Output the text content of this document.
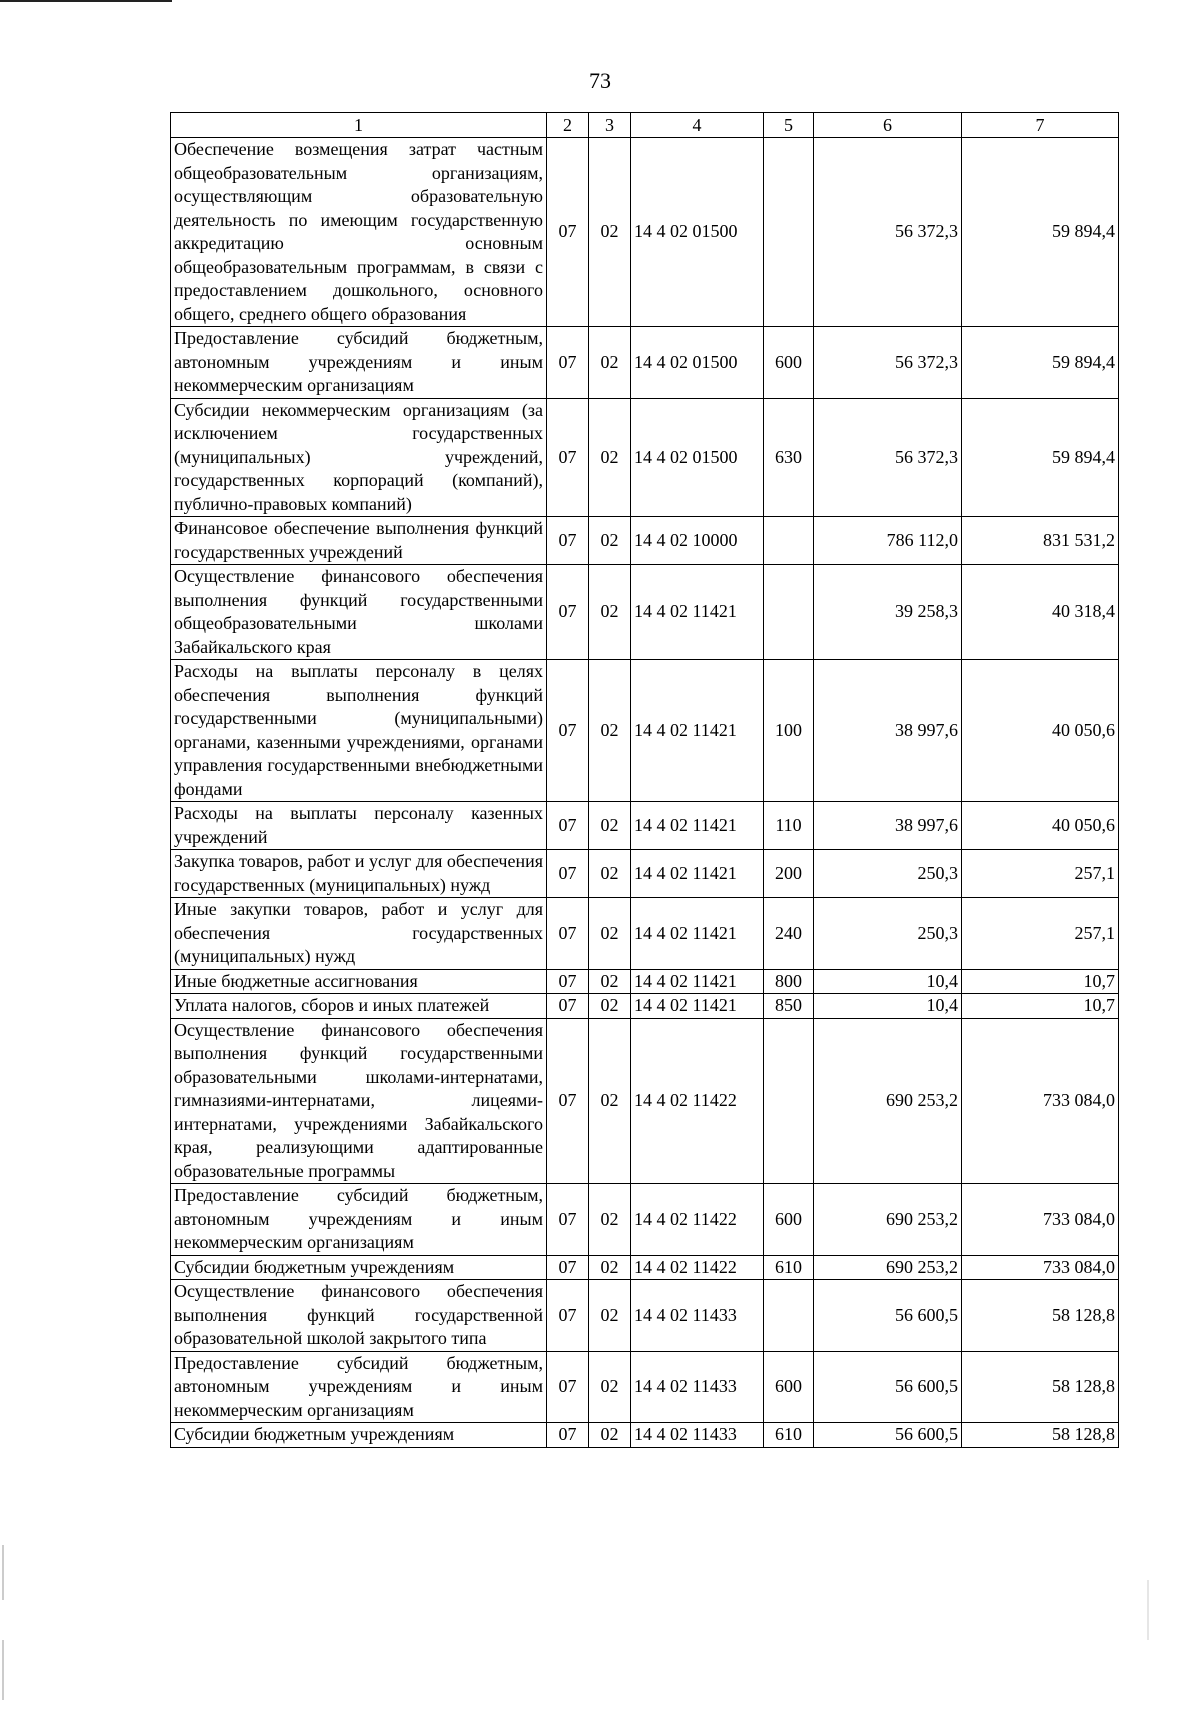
73
1	2	3	4	5	6	7
Обеспечение возмещения затрат частным общеобразовательным организациям, осуществляющим образовательную деятельность по имеющим государственную аккредитацию основным общеобразовательным программам, в связи с предоставлением дошкольного, основного общего, среднего общего образования	07	02	14 4 02 01500		56 372,3	59 894,4
Предоставление субсидий бюджетным, автономным учреждениям и иным некоммерческим организациям	07	02	14 4 02 01500	600	56 372,3	59 894,4
Субсидии некоммерческим организациям (за исключением государственных (муниципальных) учреждений, государственных корпораций (компаний), публично-правовых компаний)	07	02	14 4 02 01500	630	56 372,3	59 894,4
Финансовое обеспечение выполнения функций государственных учреждений	07	02	14 4 02 10000		786 112,0	831 531,2
Осуществление финансового обеспечения выполнения функций государственными общеобразовательными школами Забайкальского края	07	02	14 4 02 11421		39 258,3	40 318,4
Расходы на выплаты персоналу в целях обеспечения выполнения функций государственными (муниципальными) органами, казенными учреждениями, органами управления государственными внебюджетными фондами	07	02	14 4 02 11421	100	38 997,6	40 050,6
Расходы на выплаты персоналу казенных учреждений	07	02	14 4 02 11421	110	38 997,6	40 050,6
Закупка товаров, работ и услуг для обеспечения государственных (муниципальных) нужд	07	02	14 4 02 11421	200	250,3	257,1
Иные закупки товаров, работ и услуг для обеспечения государственных (муниципальных) нужд	07	02	14 4 02 11421	240	250,3	257,1
Иные бюджетные ассигнования	07	02	14 4 02 11421	800	10,4	10,7
Уплата налогов, сборов и иных платежей	07	02	14 4 02 11421	850	10,4	10,7
Осуществление финансового обеспечения выполнения функций государственными образовательными школами-интернатами, гимназиями-интернатами, лицеями-интернатами, учреждениями Забайкальского края, реализующими адаптированные образовательные программы	07	02	14 4 02 11422		690 253,2	733 084,0
Предоставление субсидий бюджетным, автономным учреждениям и иным некоммерческим организациям	07	02	14 4 02 11422	600	690 253,2	733 084,0
Субсидии бюджетным учреждениям	07	02	14 4 02 11422	610	690 253,2	733 084,0
Осуществление финансового обеспечения выполнения функций государственной образовательной школой закрытого типа	07	02	14 4 02 11433		56 600,5	58 128,8
Предоставление субсидий бюджетным, автономным учреждениям и иным некоммерческим организациям	07	02	14 4 02 11433	600	56 600,5	58 128,8
Субсидии бюджетным учреждениям	07	02	14 4 02 11433	610	56 600,5	58 128,8
